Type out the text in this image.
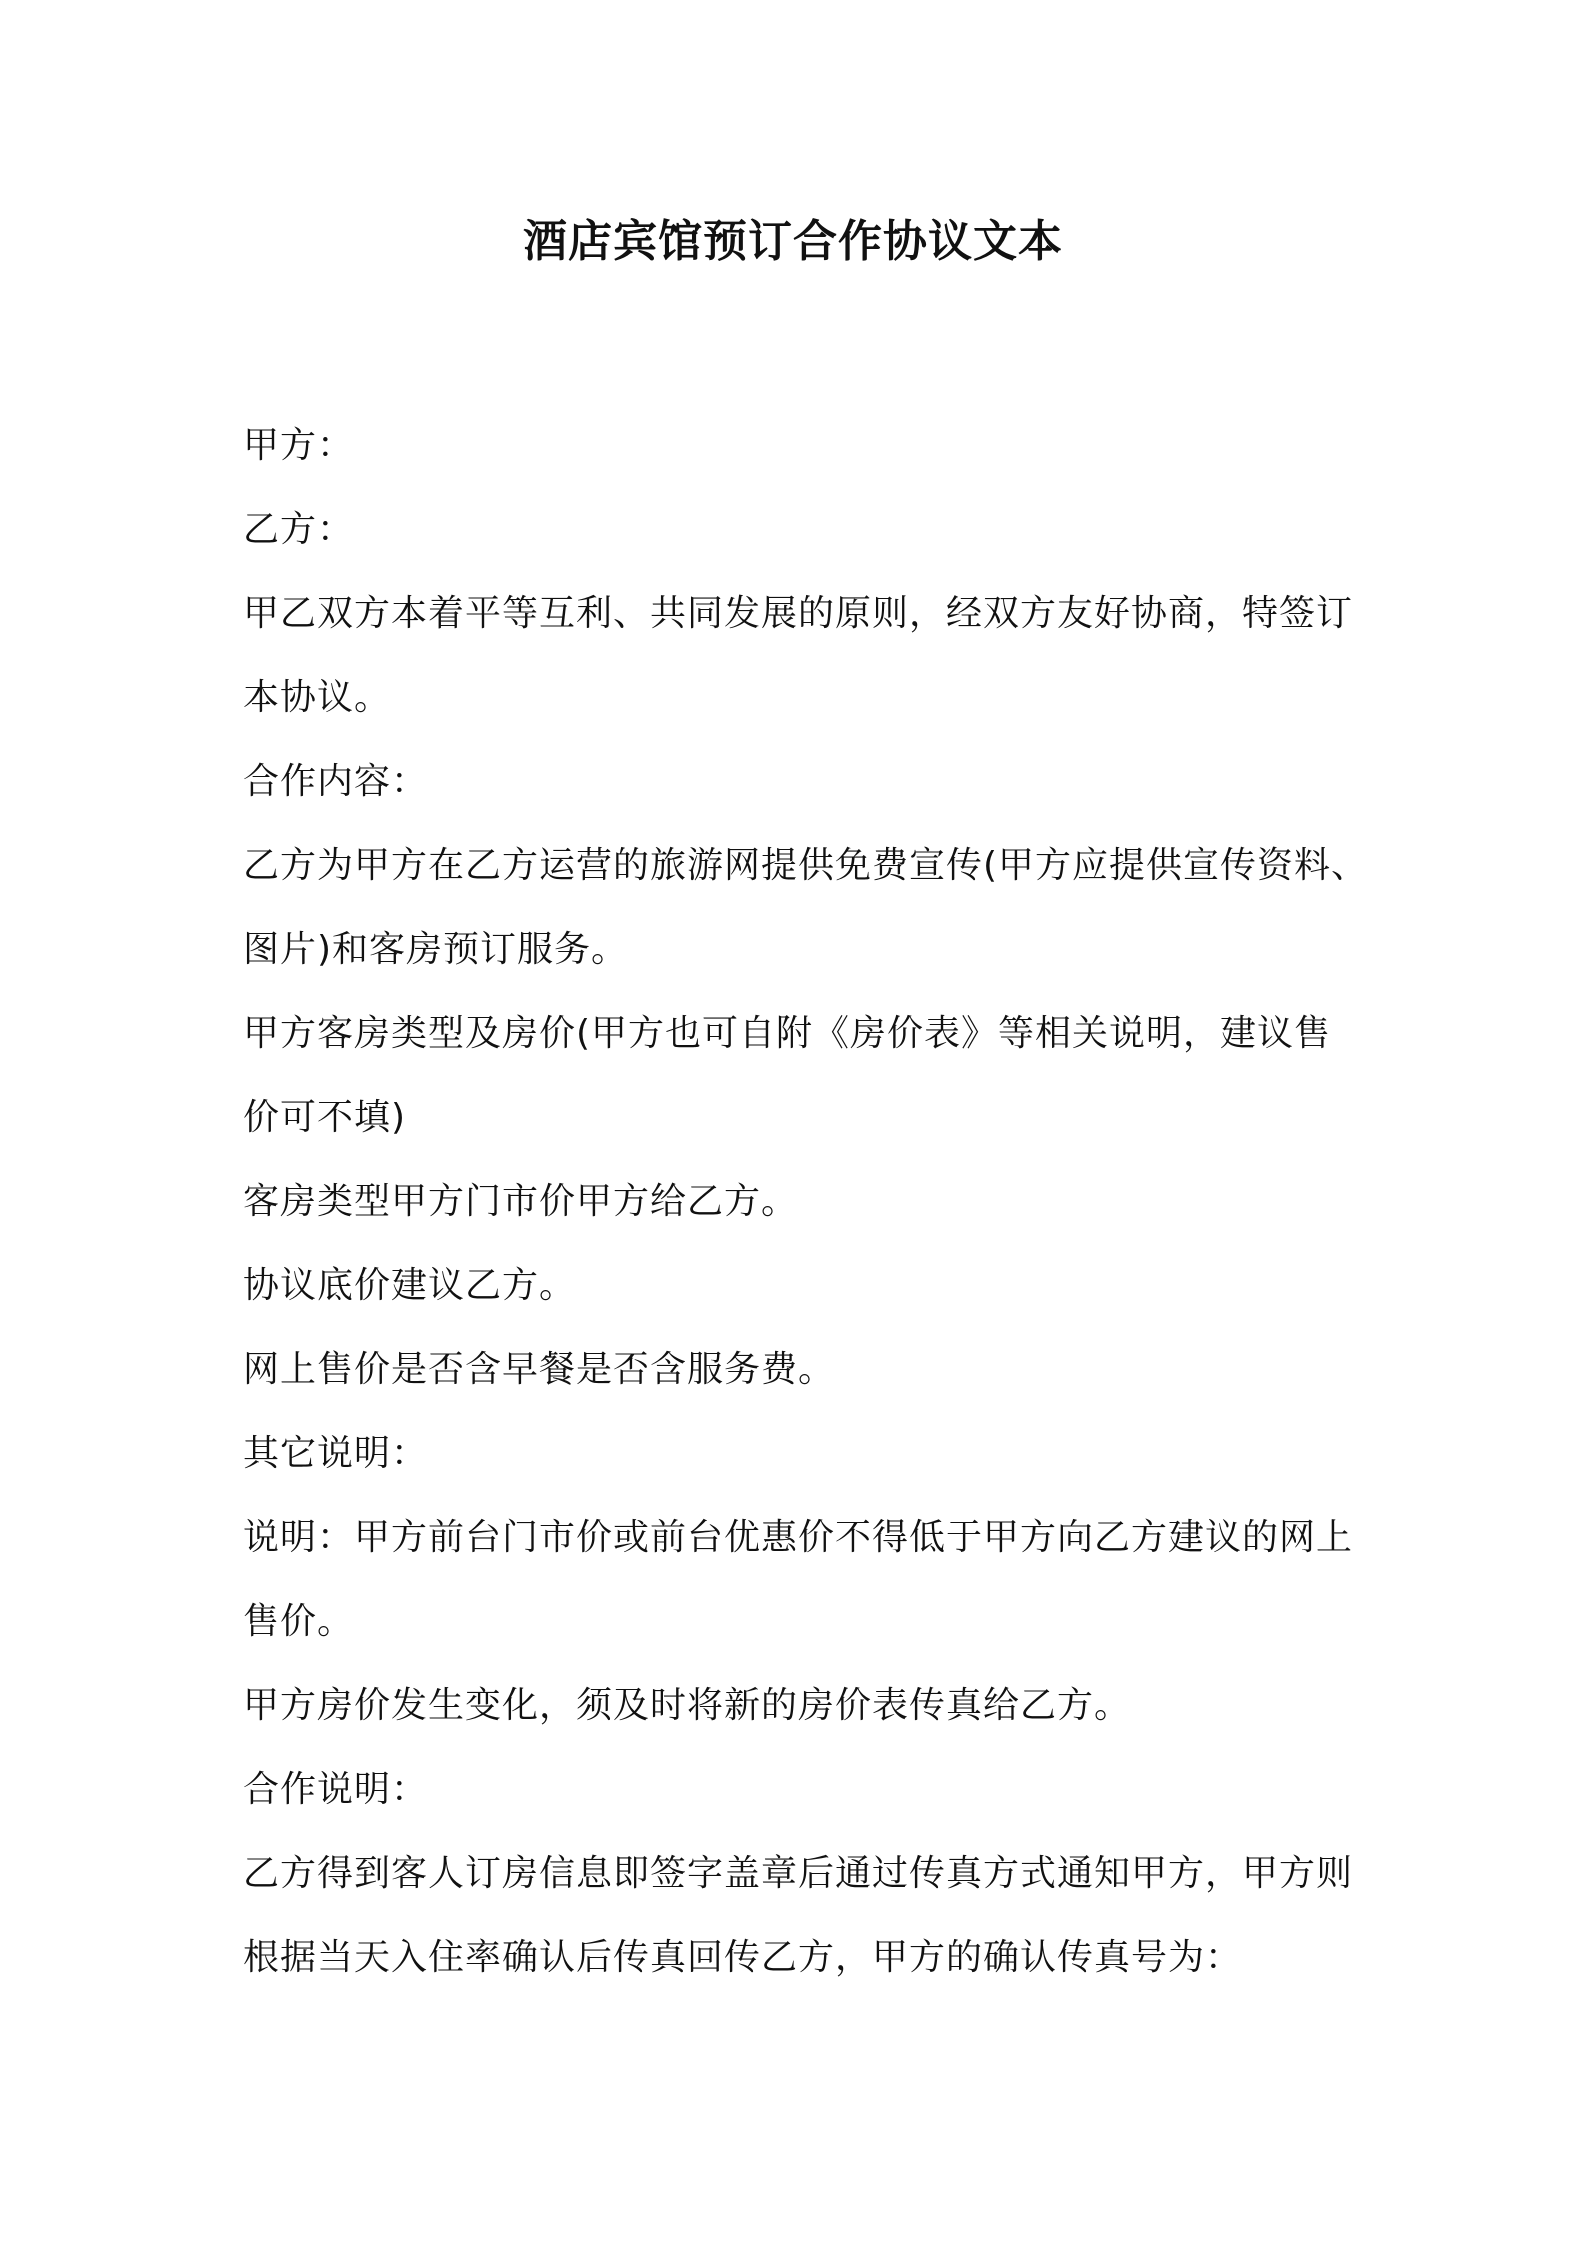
酒店宾馆预订合作协议文本
甲方：
乙方：
甲乙双方本着平等互利、共同发展的原则，经双方友好协商，特签订
本协议。
合作内容：
乙方为甲方在乙方运营的旅游网提供免费宣传(甲方应提供宣传资料、
图片)和客房预订服务。
甲方客房类型及房价(甲方也可自附《房价表》等相关说明，建议售
价可不填)
客房类型甲方门市价甲方给乙方。
协议底价建议乙方。
网上售价是否含早餐是否含服务费。
其它说明：
说明：甲方前台门市价或前台优惠价不得低于甲方向乙方建议的网上
售价。
甲方房价发生变化，须及时将新的房价表传真给乙方。
合作说明：
乙方得到客人订房信息即签字盖章后通过传真方式通知甲方，甲方则
根据当天入住率确认后传真回传乙方，甲方的确认传真号为：
